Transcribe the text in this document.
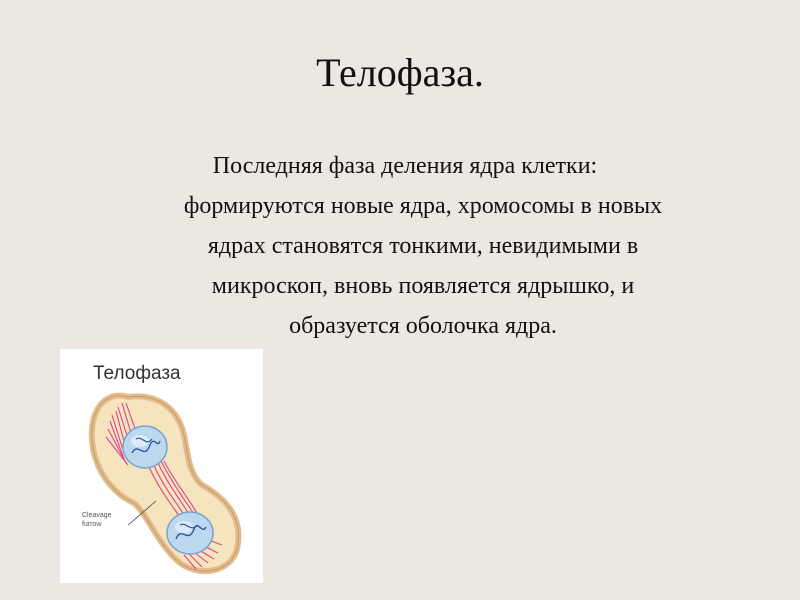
Телофаза.
Последняя фаза деления ядра клетки:
формируются новые ядра, хромосомы в новых
ядрах становятся тонкими, невидимыми в
микроскоп, вновь появляется ядрышко, и
образуется оболочка ядра.
Телофаза
Cleavage
furrow
